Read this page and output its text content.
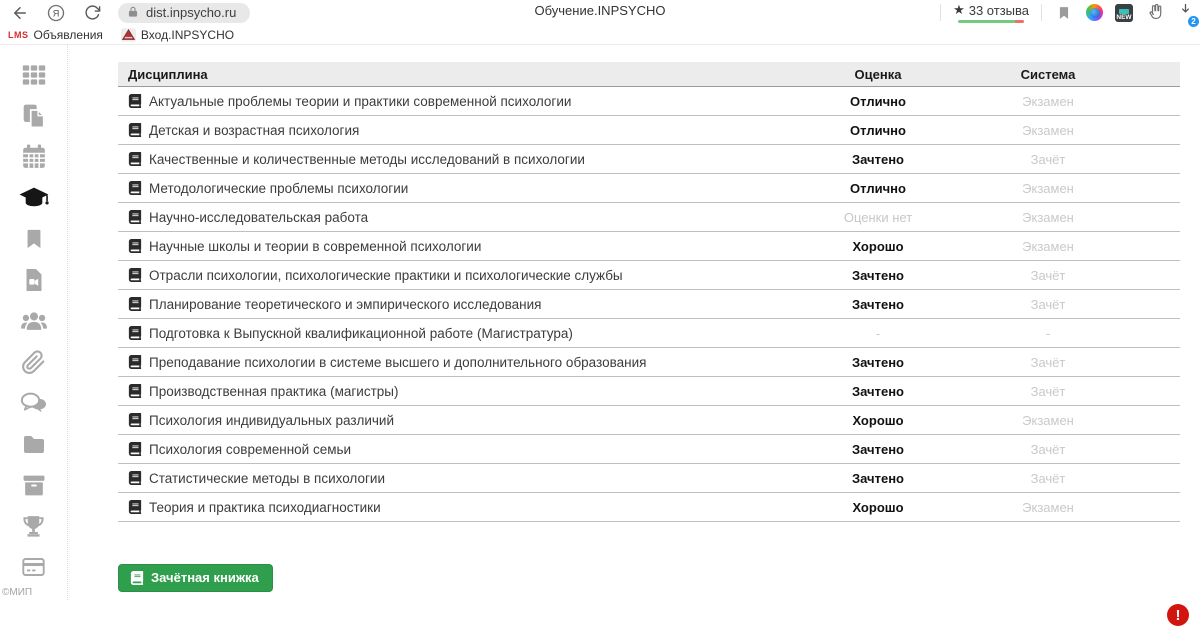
Я	dist.inpsycho.ru	Обучение.INPSYCHO	★ 33 отзыва	NEW	2
LMS Объявления	Вход.INPSYCHO
Дисциплина	Оценка	Система
Актуальные проблемы теории и практики современной психологии	Отлично	Экзамен
Детская и возрастная психология	Отлично	Экзамен
Качественные и количественные методы исследований в психологии	Зачтено	Зачёт
Методологические проблемы психологии	Отлично	Экзамен
Научно-исследовательская работа	Оценки нет	Экзамен
Научные школы и теории в современной психологии	Хорошо	Экзамен
Отрасли психологии, психологические практики и психологические службы	Зачтено	Зачёт
Планирование теоретического и эмпирического исследования	Зачтено	Зачёт
Подготовка к Выпускной квалификационной работе (Магистратура)	-	-
Преподавание психологии в системе высшего и дополнительного образования	Зачтено	Зачёт
Производственная практика (магистры)	Зачтено	Зачёт
Психология индивидуальных различий	Хорошо	Экзамен
Психология современной семьи	Зачтено	Зачёт
Статистические методы в психологии	Зачтено	Зачёт
Теория и практика психодиагностики	Хорошо	Экзамен
Зачётная книжка
©МИП
!
